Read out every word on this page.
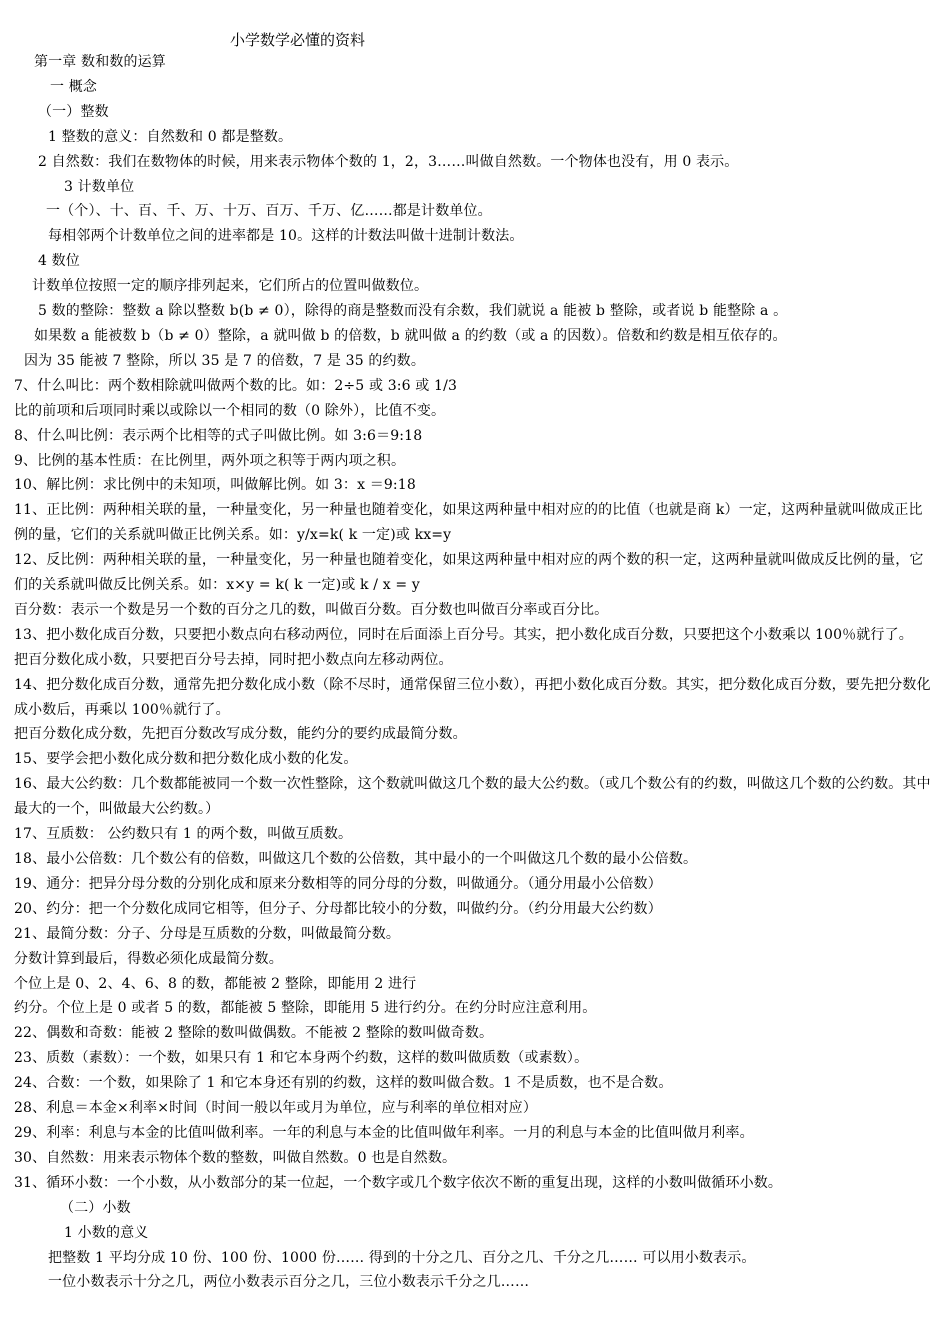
小学数学必懂的资料
第一章 数和数的运算
一 概念
（一）整数
1 整数的意义：自然数和 0 都是整数。
2 自然数：我们在数物体的时候，用来表示物体个数的 1，2，3……叫做自然数。一个物体也没有，用 0 表示。
3 计数单位
一（个）、十、百、千、万、十万、百万、千万、亿……都是计数单位。
每相邻两个计数单位之间的进率都是 10。这样的计数法叫做十进制计数法。
4 数位
计数单位按照一定的顺序排列起来，它们所占的位置叫做数位。
5 数的整除：整数 a 除以整数 b(b ≠ 0），除得的商是整数而没有余数，我们就说 a 能被 b 整除，或者说 b 能整除 a 。
如果数 a 能被数 b（b ≠ 0）整除，a 就叫做 b 的倍数，b 就叫做 a 的约数（或 a 的因数）。倍数和约数是相互依存的。
因为 35 能被 7 整除，所以 35 是 7 的倍数，7 是 35 的约数。
7、什么叫比：两个数相除就叫做两个数的比。如：2÷5 或 3:6 或 1/3
比的前项和后项同时乘以或除以一个相同的数（0 除外），比值不变。
8、什么叫比例：表示两个比相等的式子叫做比例。如 3:6＝9:18
9、比例的基本性质：在比例里，两外项之积等于两内项之积。
10、解比例：求比例中的未知项，叫做解比例。如 3：x ＝9:18
11、正比例：两种相关联的量，一种量变化，另一种量也随着变化，如果这两种量中相对应的的比值（也就是商 k）一定，这两种量就叫做成正比例的量，它们的关系就叫做正比例关系。如：y/x=k( k 一定)或 kx=y
12、反比例：两种相关联的量，一种量变化，另一种量也随着变化，如果这两种量中相对应的两个数的积一定，这两种量就叫做成反比例的量，它们的关系就叫做反比例关系。如：x×y = k( k 一定)或 k / x = y
百分数：表示一个数是另一个数的百分之几的数，叫做百分数。百分数也叫做百分率或百分比。
13、把小数化成百分数，只要把小数点向右移动两位，同时在后面添上百分号。其实，把小数化成百分数，只要把这个小数乘以 100％就行了。
把百分数化成小数，只要把百分号去掉，同时把小数点向左移动两位。
14、把分数化成百分数，通常先把分数化成小数（除不尽时，通常保留三位小数），再把小数化成百分数。其实，把分数化成百分数，要先把分数化成小数后，再乘以 100％就行了。
把百分数化成分数，先把百分数改写成分数，能约分的要约成最简分数。
15、要学会把小数化成分数和把分数化成小数的化发。
16、最大公约数：几个数都能被同一个数一次性整除，这个数就叫做这几个数的最大公约数。（或几个数公有的约数，叫做这几个数的公约数。其中最大的一个，叫做最大公约数。）
17、互质数： 公约数只有 1 的两个数，叫做互质数。
18、最小公倍数：几个数公有的倍数，叫做这几个数的公倍数，其中最小的一个叫做这几个数的最小公倍数。
19、通分：把异分母分数的分别化成和原来分数相等的同分母的分数，叫做通分。（通分用最小公倍数）
20、约分：把一个分数化成同它相等，但分子、分母都比较小的分数，叫做约分。（约分用最大公约数）
21、最简分数：分子、分母是互质数的分数，叫做最简分数。
分数计算到最后，得数必须化成最简分数。
个位上是 0、2、4、6、8 的数，都能被 2 整除，即能用 2 进行
约分。个位上是 0 或者 5 的数，都能被 5 整除，即能用 5 进行约分。在约分时应注意利用。
22、偶数和奇数：能被 2 整除的数叫做偶数。不能被 2 整除的数叫做奇数。
23、质数（素数）：一个数，如果只有 1 和它本身两个约数，这样的数叫做质数（或素数）。
24、合数：一个数，如果除了 1 和它本身还有别的约数，这样的数叫做合数。1 不是质数，也不是合数。
28、利息＝本金×利率×时间（时间一般以年或月为单位，应与利率的单位相对应）
29、利率：利息与本金的比值叫做利率。一年的利息与本金的比值叫做年利率。一月的利息与本金的比值叫做月利率。
30、自然数：用来表示物体个数的整数，叫做自然数。0 也是自然数。
31、循环小数：一个小数，从小数部分的某一位起，一个数字或几个数字依次不断的重复出现，这样的小数叫做循环小数。
（二）小数
1 小数的意义
把整数 1 平均分成 10 份、100 份、1000 份…… 得到的十分之几、百分之几、千分之几…… 可以用小数表示。
一位小数表示十分之几，两位小数表示百分之几，三位小数表示千分之几……
